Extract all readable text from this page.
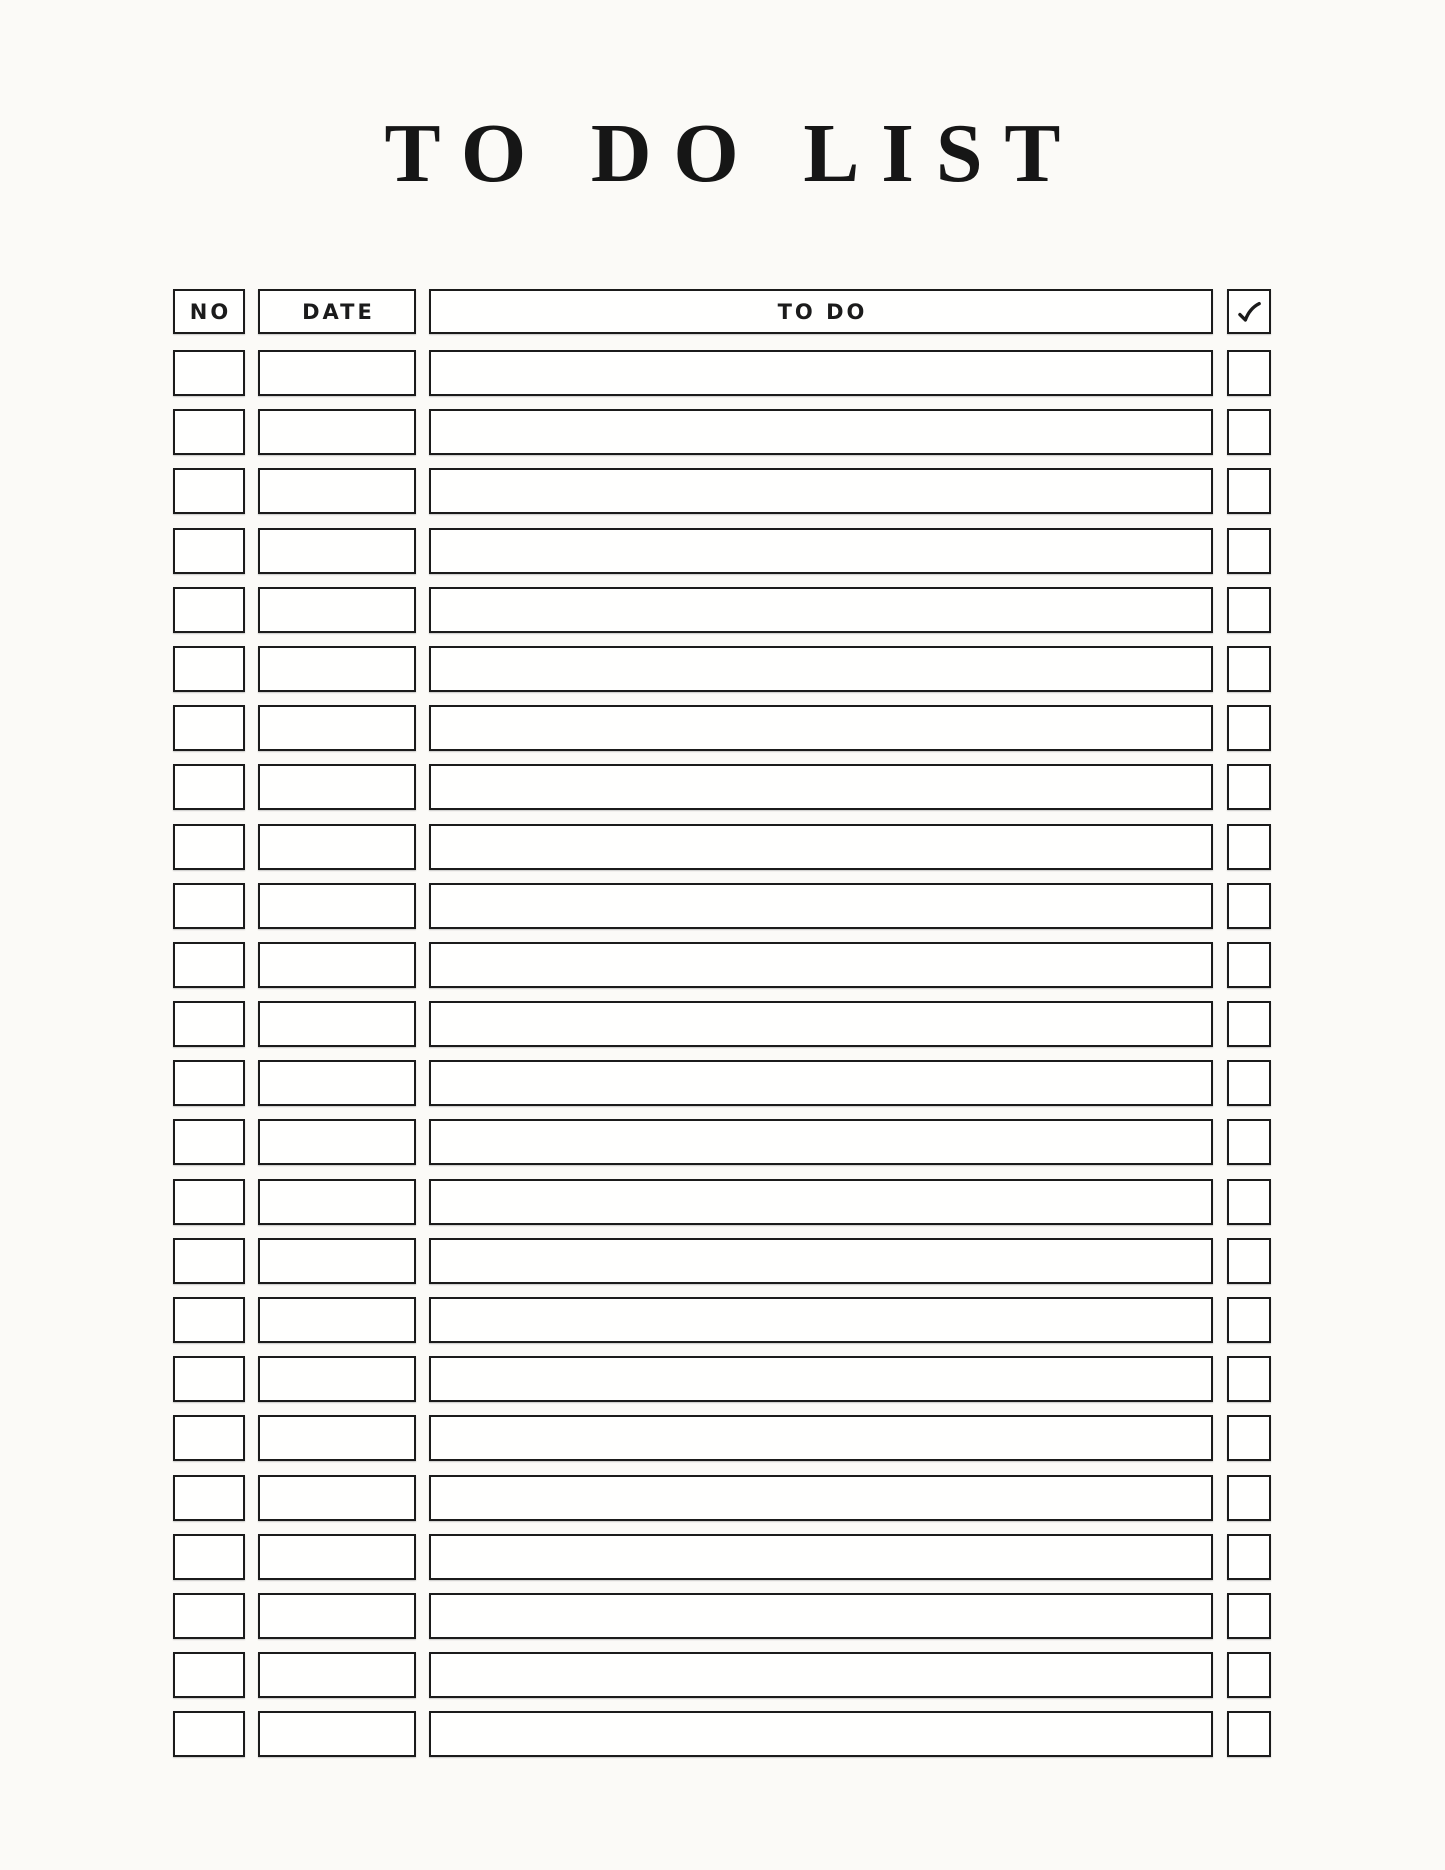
TO DO LIST
NO	DATE	TO DO
